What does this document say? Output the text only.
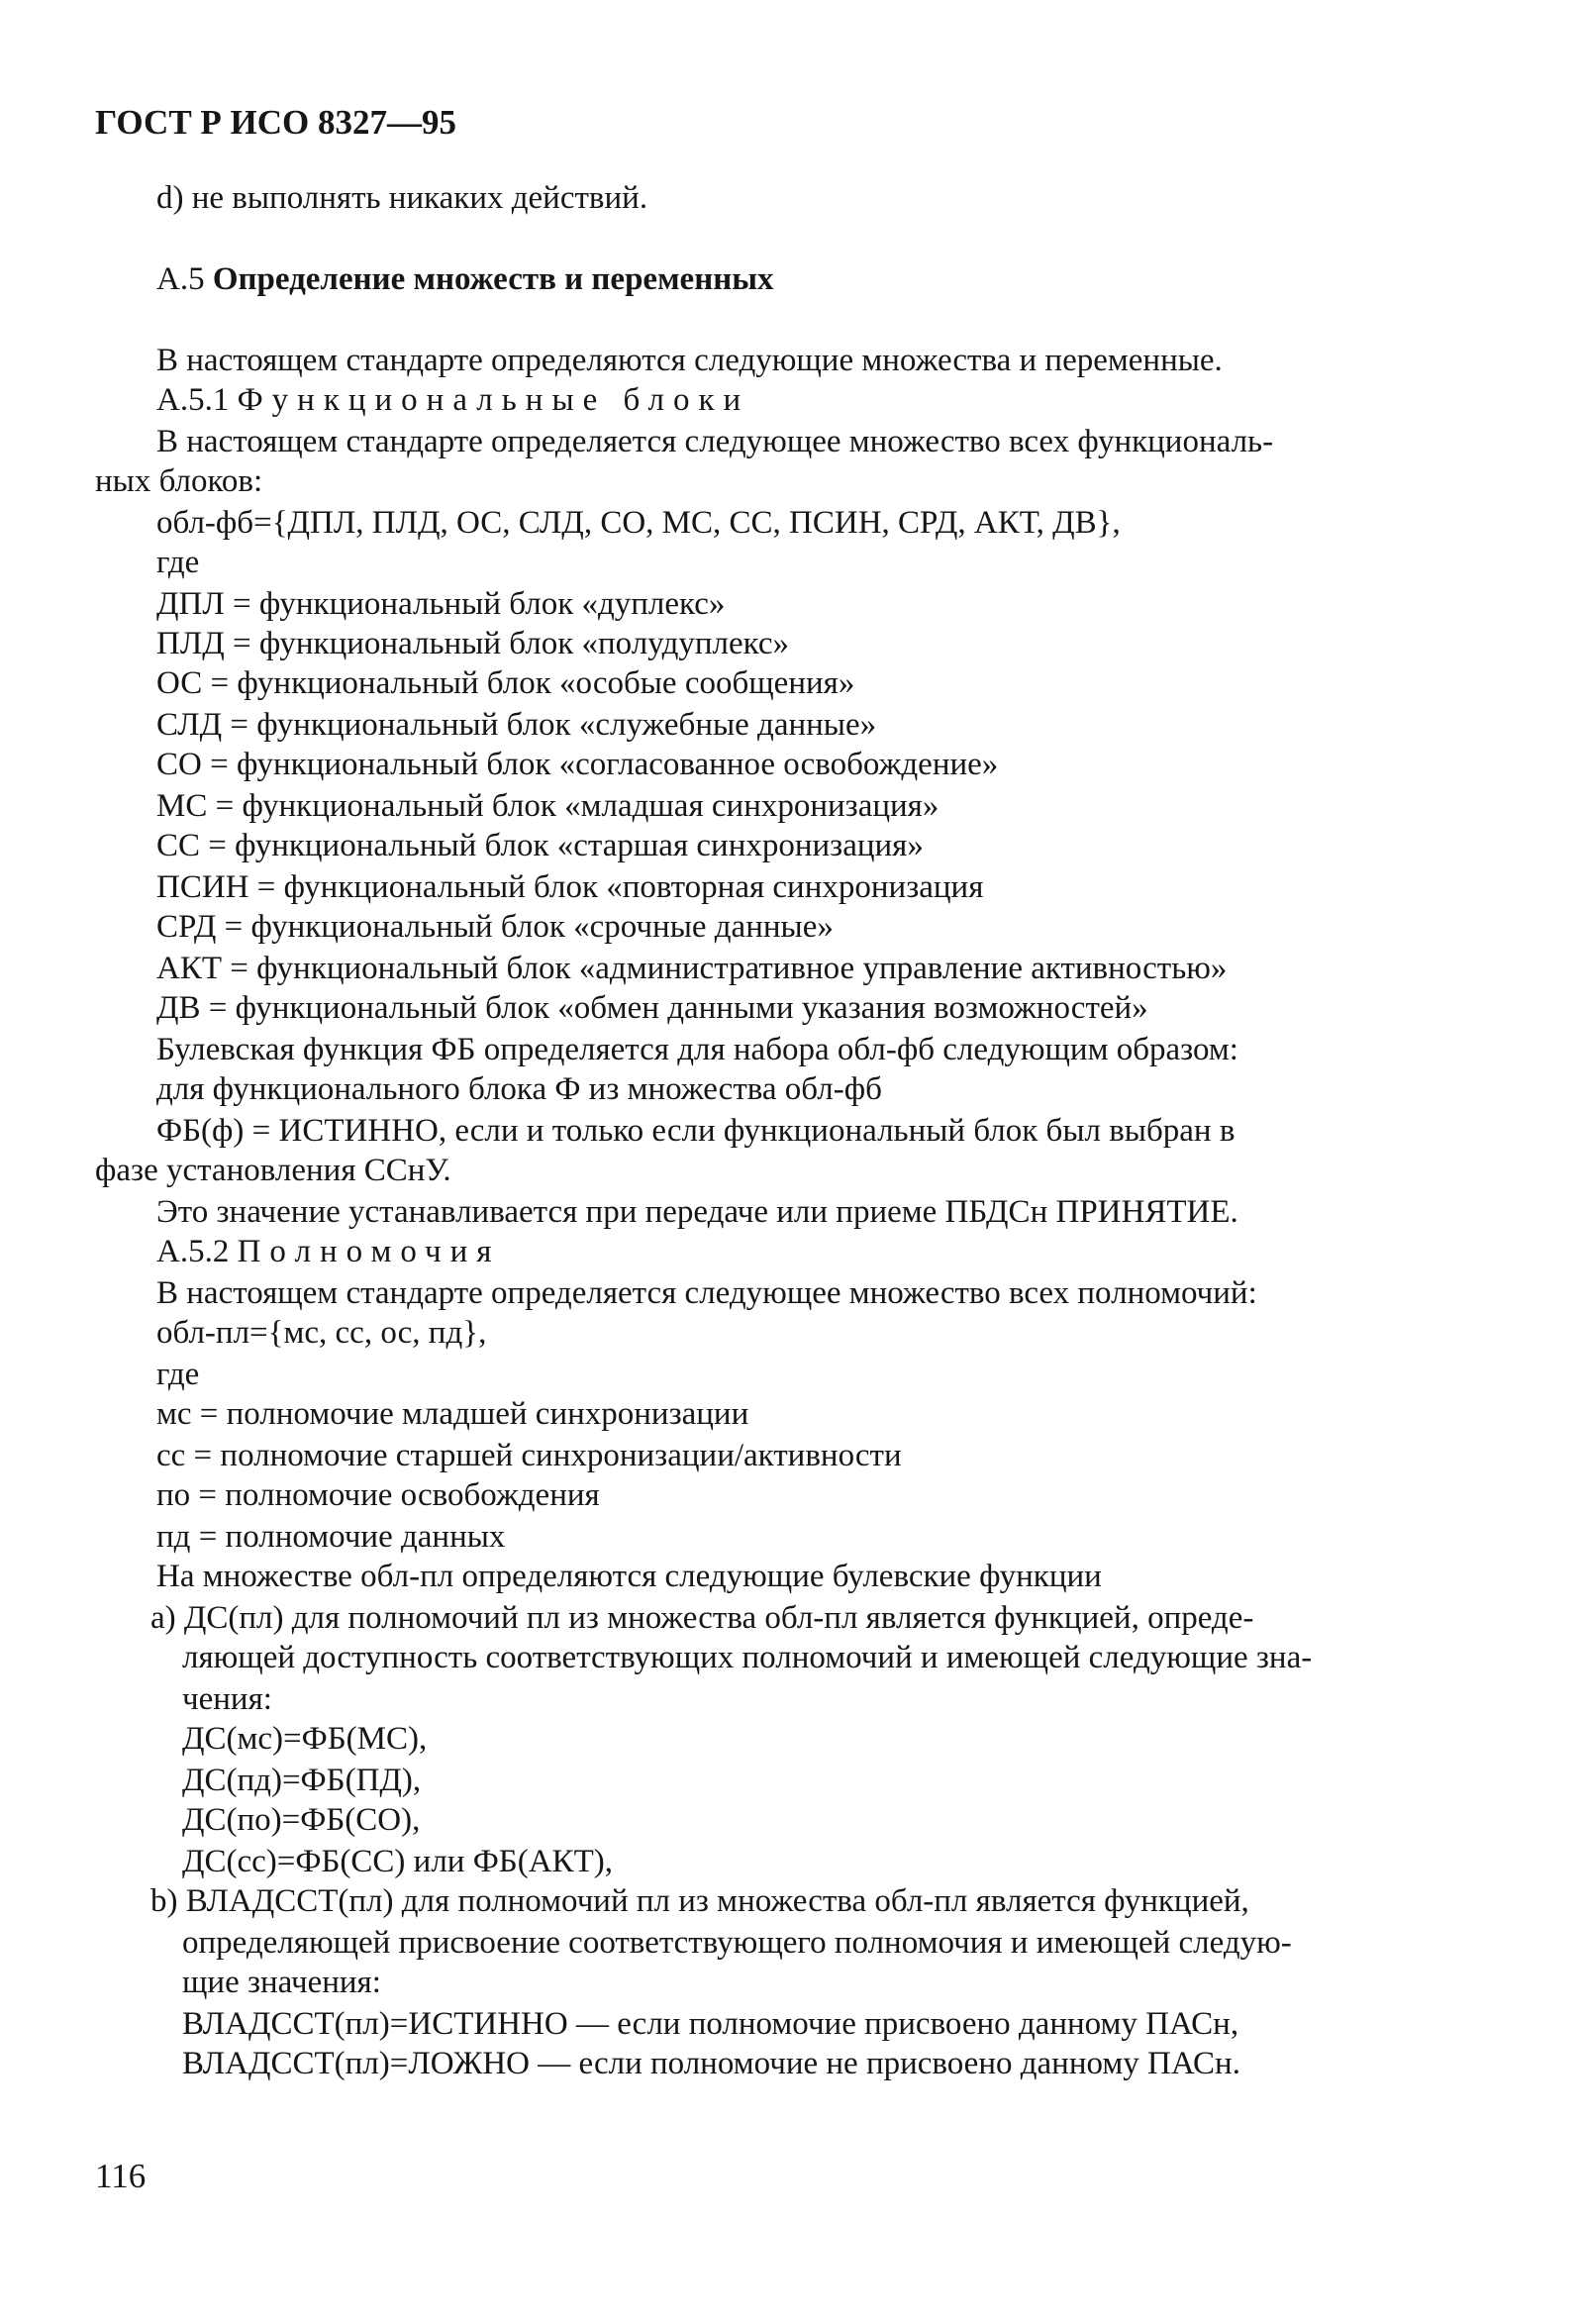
ГОСТ Р ИСО 8327—95
d) не выполнять никаких действий.
А.5 Определение множеств и переменных
В настоящем стандарте определяются следующие множества и переменные.
А.5.1 Функциональные блоки
В настоящем стандарте определяется следующее множество всех функциональ-
ных блоков:
обл-фб={ДПЛ, ПЛД, ОС, СЛД, СО, МС, СС, ПСИН, СРД, АКТ, ДВ},
где
ДПЛ = функциональный блок «дуплекс»
ПЛД = функциональный блок «полудуплекс»
ОС = функциональный блок «особые сообщения»
СЛД = функциональный блок «служебные данные»
СО = функциональный блок «согласованное освобождение»
МС = функциональный блок «младшая синхронизация»
СС = функциональный блок «старшая синхронизация»
ПСИН = функциональный блок «повторная синхронизация
СРД = функциональный блок «срочные данные»
АКТ = функциональный блок «административное управление активностью»
ДВ = функциональный блок «обмен данными указания возможностей»
Булевская функция ФБ определяется для набора обл-фб следующим образом:
для функционального блока Ф из множества обл-фб
ФБ(ф) = ИСТИННО, если и только если функциональный блок был выбран в
фазе установления ССнУ.
Это значение устанавливается при передаче или приеме ПБДСн ПРИНЯТИЕ.
А.5.2 Полномочия
В настоящем стандарте определяется следующее множество всех полномочий:
обл-пл={мс, сс, ос, пд},
где
мс = полномочие младшей синхронизации
сс = полномочие старшей синхронизации/активности
по = полномочие освобождения
пд = полномочие данных
На множестве обл-пл определяются следующие булевские функции
а) ДС(пл) для полномочий пл из множества обл-пл является функцией, опреде-
ляющей доступность соответствующих полномочий и имеющей следующие зна-
чения:
ДС(мс)=ФБ(МС),
ДС(пд)=ФБ(ПД),
ДС(по)=ФБ(СО),
ДС(сс)=ФБ(СС) или ФБ(АКТ),
b) ВЛАДССТ(пл) для полномочий пл из множества обл-пл является функцией,
определяющей присвоение соответствующего полномочия и имеющей следую-
щие значения:
ВЛАДССТ(пл)=ИСТИННО — если полномочие присвоено данному ПАСн,
ВЛАДССТ(пл)=ЛОЖНО — если полномочие не присвоено данному ПАСн.
116
